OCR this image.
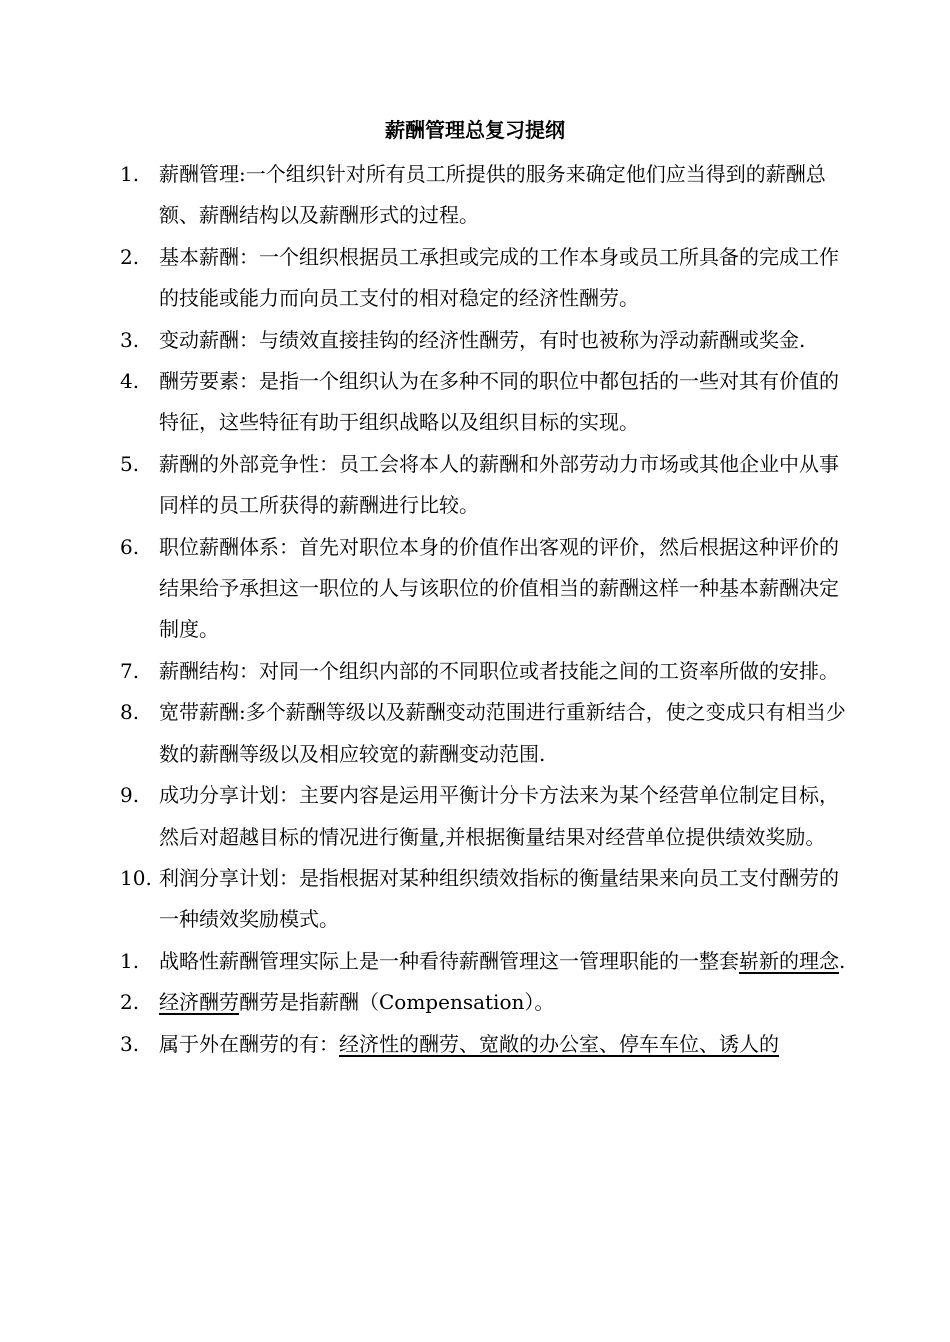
薪酬管理总复习提纲
1. 薪酬管理:一个组织针对所有员工所提供的服务来确定他们应当得到的薪酬总额、薪酬结构以及薪酬形式的过程。
2. 基本薪酬：一个组织根据员工承担或完成的工作本身或员工所具备的完成工作的技能或能力而向员工支付的相对稳定的经济性酬劳。
3. 变动薪酬：与绩效直接挂钩的经济性酬劳，有时也被称为浮动薪酬或奖金.
4. 酬劳要素：是指一个组织认为在多种不同的职位中都包括的一些对其有价值的特征，这些特征有助于组织战略以及组织目标的实现。
5. 薪酬的外部竞争性：员工会将本人的薪酬和外部劳动力市场或其他企业中从事同样的员工所获得的薪酬进行比较。
6. 职位薪酬体系：首先对职位本身的价值作出客观的评价，然后根据这种评价的结果给予承担这一职位的人与该职位的价值相当的薪酬这样一种基本薪酬决定制度。
7. 薪酬结构：对同一个组织内部的不同职位或者技能之间的工资率所做的安排。
8. 宽带薪酬:多个薪酬等级以及薪酬变动范围进行重新结合，使之变成只有相当少数的薪酬等级以及相应较宽的薪酬变动范围.
9. 成功分享计划：主要内容是运用平衡计分卡方法来为某个经营单位制定目标，然后对超越目标的情况进行衡量,并根据衡量结果对经营单位提供绩效奖励。
10. 利润分享计划：是指根据对某种组织绩效指标的衡量结果来向员工支付酬劳的一种绩效奖励模式。
1. 战略性薪酬管理实际上是一种看待薪酬管理这一管理职能的一整套崭新的理念.
2. 经济酬劳酬劳是指薪酬（Compensation）。
3. 属于外在酬劳的有：经济性的酬劳、宽敞的办公室、停车车位、诱人的
